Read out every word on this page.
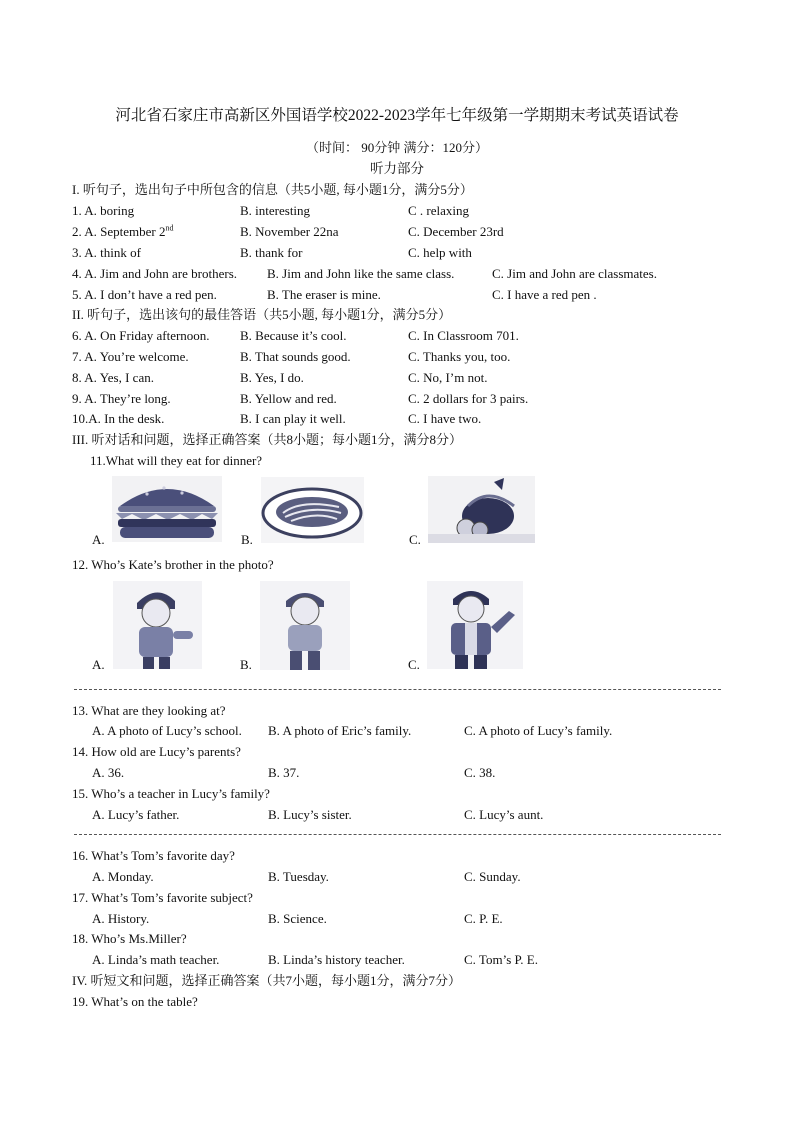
河北省石家庄市高新区外国语学校2022-2023学年七年级第一学期期末考试英语试卷
（时间： 90分钟 满分：120分）
听力部分
I. 听句子，选出句子中所包含的信息（共5小题, 每小题1分，满分5分）
1. A. boring	B. interesting	C . relaxing
2. A. September 2nd	B. November 22na	C. December 23rd
3. A. think of	B. thank for	C. help with
4. A. Jim and John are brothers. B. Jim and John like the same class.	C. Jim and John are classmates.
5. A. I don’t have a red pen.	B. The eraser is mine.	C. I have a red pen .
II. 听句子，选出该句的最佳答语（共5小题, 每小题1分，满分5分）
6. A. On Friday afternoon. B. Because it’s cool.	C. In Classroom 701.
7. A. You’re welcome.	B. That sounds good.	C. Thanks you, too.
8. A. Yes, I can.	B. Yes, I do.	C. No, I’m not.
9. A. They’re long.	B. Yellow and red.	C. 2 dollars for 3 pairs.
10.A. In the desk.	B. I can play it well.	C. I have two.
III. 听对话和问题，选择正确答案（共8小题；每小题1分，满分8分）
11.What will they eat for dinner?
A.	B.	C.
12. Who’s Kate’s brother in the photo?
A.	B.	C.
13. What are they looking at?
A. A photo of Lucy’s school. B. A photo of Eric’s family.	C. A photo of Lucy’s family.
14. How old are Lucy’s parents?
A. 36.	B. 37.	C. 38.
15. Who’s a teacher in Lucy’s family?
A. Lucy’s father.	B. Lucy’s sister.	C. Lucy’s aunt.
16. What’s Tom’s favorite day?
A. Monday.	B. Tuesday.	C. Sunday.
17. What’s Tom’s favorite subject?
A. History.	B. Science.	C. P. E.
18. Who’s Ms.Miller?
A. Linda’s math teacher.	B. Linda’s history teacher.	C. Tom’s P. E.
IV. 听短文和问题，选择正确答案（共7小题，每小题1分，满分7分）
19. What’s on the table?
